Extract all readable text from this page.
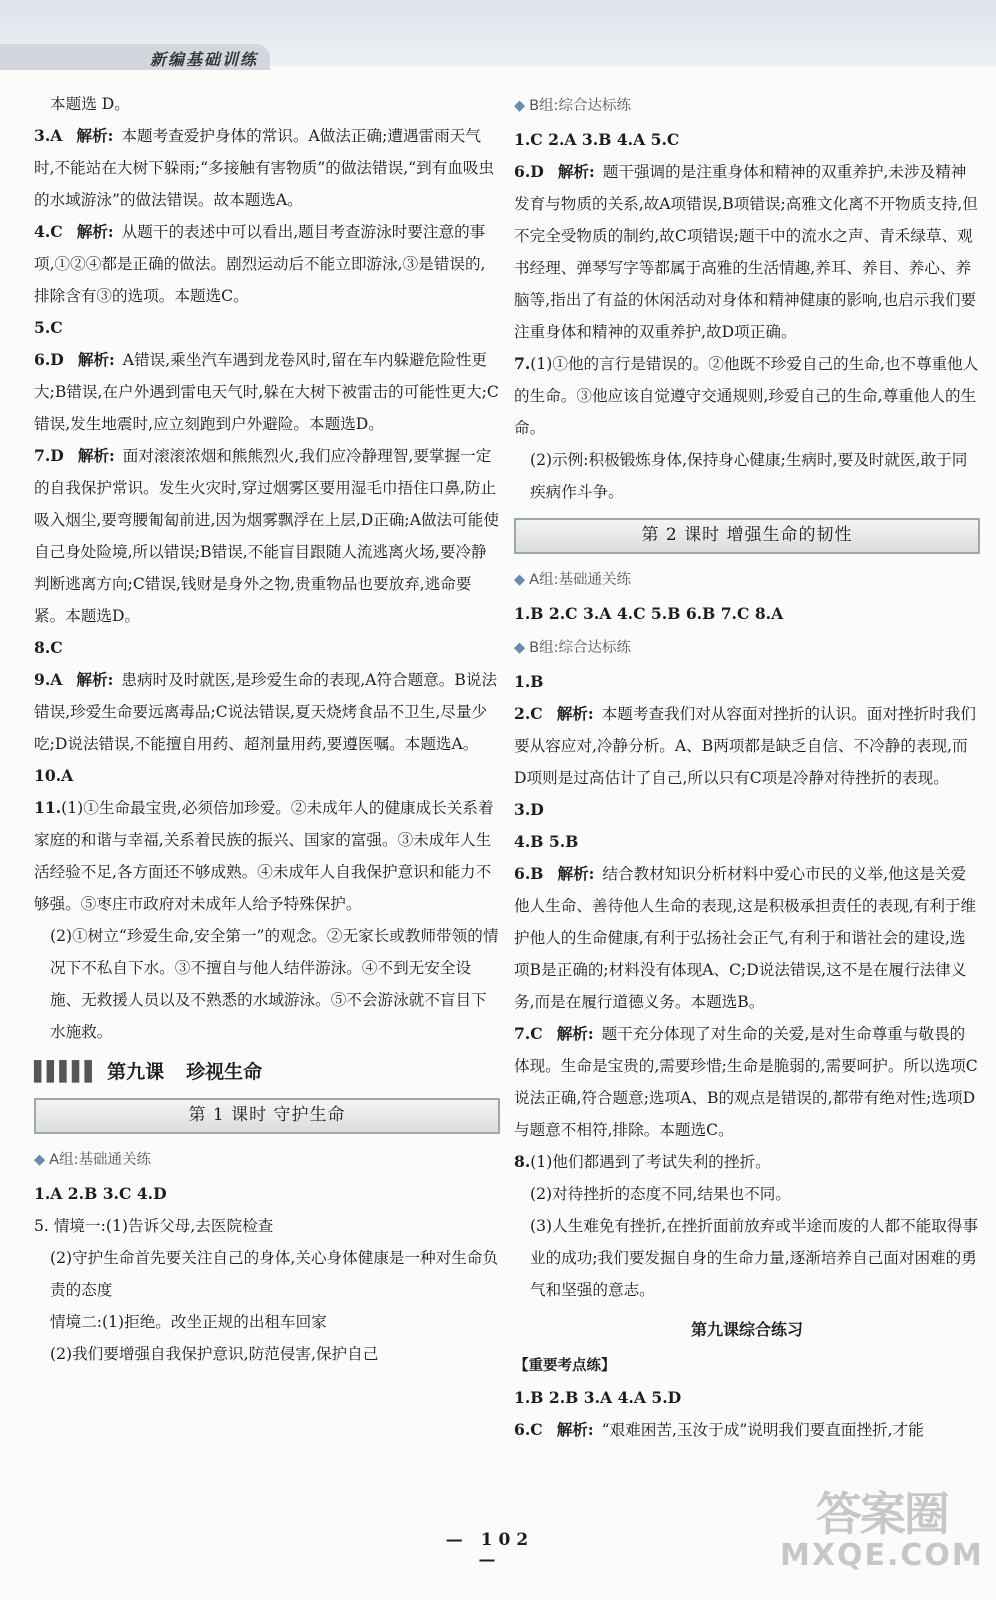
新编基础训练

本题选 D。

3.A 解析: 本题考查爱护身体的常识。A做法正确;遭遇雷雨天气时,不能站在大树下躲雨;“多接触有害物质”的做法错误,“到有血吸虫的水域游泳”的做法错误。故本题选A。

4.C 解析: 从题干的表述中可以看出,题目考查游泳时要注意的事项,①②④都是正确的做法。剧烈运动后不能立即游泳,③是错误的,排除含有③的选项。本题选C。

5.C

6.D 解析: A错误,乘坐汽车遇到龙卷风时,留在车内躲避危险性更大;B错误,在户外遇到雷电天气时,躲在大树下被雷击的可能性更大;C错误,发生地震时,应立刻跑到户外避险。本题选D。

7.D 解析: 面对滚滚浓烟和熊熊烈火,我们应冷静理智,要掌握一定的自我保护常识。发生火灾时,穿过烟雾区要用湿毛巾捂住口鼻,防止吸入烟尘,要弯腰匍匐前进,因为烟雾飘浮在上层,D正确;A做法可能使自己身处险境,所以错误;B错误,不能盲目跟随人流逃离火场,要冷静判断逃离方向;C错误,钱财是身外之物,贵重物品也要放弃,逃命要紧。本题选D。

8.C

9.A 解析: 患病时及时就医,是珍爱生命的表现,A符合题意。B说法错误,珍爱生命要远离毒品;C说法错误,夏天烧烤食品不卫生,尽量少吃;D说法错误,不能擅自用药、超剂量用药,要遵医嘱。本题选A。

10.A

11.(1)①生命最宝贵,必须倍加珍爱。②未成年人的健康成长关系着家庭的和谐与幸福,关系着民族的振兴、国家的富强。③未成年人生活经验不足,各方面还不够成熟。④未成年人自我保护意识和能力不够强。⑤枣庄市政府对未成年人给予特殊保护。

(2)①树立“珍爱生命,安全第一”的观念。②无家长或教师带领的情况下不私自下水。③不擅自与他人结伴游泳。④不到无安全设施、无救援人员以及不熟悉的水域游泳。⑤不会游泳就不盲目下水施救。

▌▌▌▌▌ 第九课 珍视生命
第 1 课时 守护生命
◆ A组:基础通关练

1.A 2.B 3.C 4.D

5. 情境一:(1)告诉父母,去医院检查

(2)守护生命首先要关注自己的身体,关心身体健康是一种对生命负责的态度

情境二:(1)拒绝。改坐正规的出租车回家

(2)我们要增强自我保护意识,防范侵害,保护自己

◆ B组:综合达标练

1.C 2.A 3.B 4.A 5.C

6.D 解析: 题干强调的是注重身体和精神的双重养护,未涉及精神发育与物质的关系,故A项错误,B项错误;高雅文化离不开物质支持,但不完全受物质的制约,故C项错误;题干中的流水之声、青禾绿草、观书经理、弹琴写字等都属于高雅的生活情趣,养耳、养目、养心、养脑等,指出了有益的休闲活动对身体和精神健康的影响,也启示我们要注重身体和精神的双重养护,故D项正确。

7.(1)①他的言行是错误的。②他既不珍爱自己的生命,也不尊重他人的生命。③他应该自觉遵守交通规则,珍爱自己的生命,尊重他人的生命。

(2)示例:积极锻炼身体,保持身心健康;生病时,要及时就医,敢于同疾病作斗争。

第 2 课时 增强生命的韧性
◆ A组:基础通关练

1.B 2.C 3.A 4.C 5.B 6.B 7.C 8.A

◆ B组:综合达标练

1.B

2.C 解析: 本题考查我们对从容面对挫折的认识。面对挫折时我们要从容应对,冷静分析。A、B两项都是缺乏自信、不冷静的表现,而D项则是过高估计了自己,所以只有C项是冷静对待挫折的表现。

3.D

4.B 5.B

6.B 解析: 结合教材知识分析材料中爱心市民的义举,他这是关爱他人生命、善待他人生命的表现,这是积极承担责任的表现,有利于维护他人的生命健康,有利于弘扬社会正气,有利于和谐社会的建设,选项B是正确的;材料没有体现A、C;D说法错误,这不是在履行法律义务,而是在履行道德义务。本题选B。

7.C 解析: 题干充分体现了对生命的关爱,是对生命尊重与敬畏的体现。生命是宝贵的,需要珍惜;生命是脆弱的,需要呵护。所以选项C说法正确,符合题意;选项A、B的观点是错误的,都带有绝对性;选项D与题意不相符,排除。本题选C。

8.(1)他们都遇到了考试失利的挫折。

(2)对待挫折的态度不同,结果也不同。

(3)人生难免有挫折,在挫折面前放弃或半途而废的人都不能取得事业的成功;我们要发掘自身的生命力量,逐渐培养自己面对困难的勇气和坚强的意志。

第九课综合练习
【重要考点练】

1.B 2.B 3.A 4.A 5.D

6.C 解析: “艰难困苦,玉汝于成”说明我们要直面挫折,才能

— 102 —
答案圈
MXQE.COM
